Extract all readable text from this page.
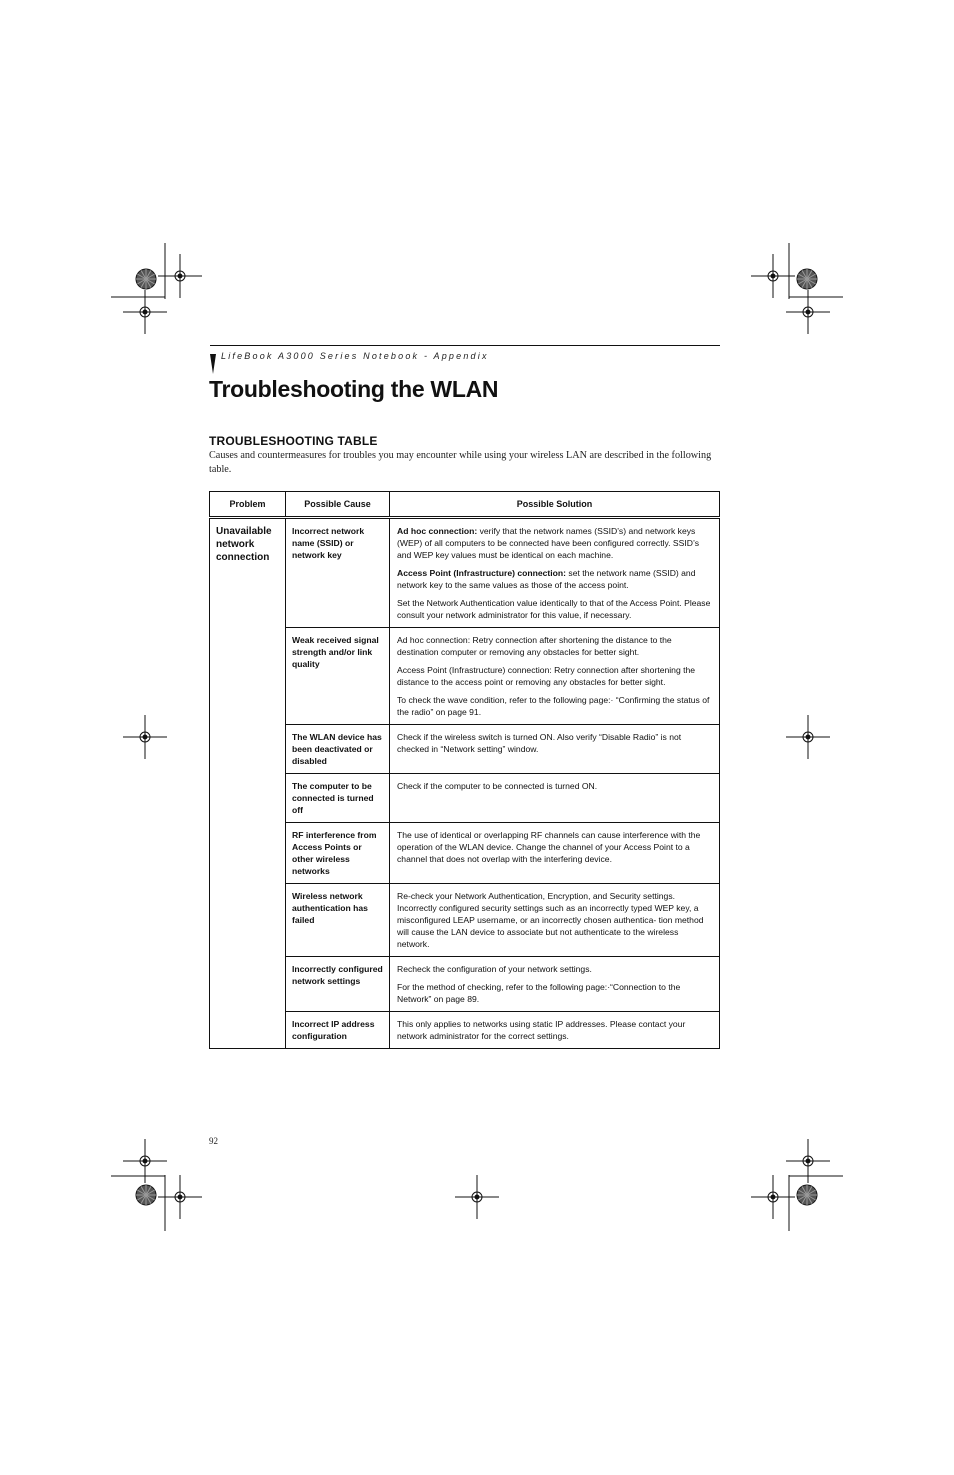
LifeBook A3000 Series Notebook - Appendix
Troubleshooting the WLAN
TROUBLESHOOTING TABLE

Causes and countermeasures for troubles you may encounter while using your wireless LAN are described in the following table.

Problem	Possible Cause	Possible Solution
Unavailable network connection	Incorrect network name (SSID) or network key	Ad hoc connection: verify that the network names (SSID’s) and network keys (WEP) of all computers to be connected have been configured correctly. SSID’s and WEP key values must be identical on each machine.

Access Point (Infrastructure) connection: set the network name (SSID) and network key to the same values as those of the access point.

Set the Network Authentication value identically to that of the Access Point. Please consult your network administrator for this value, if necessary.

	Weak received signal strength and/or link quality	Ad hoc connection: Retry connection after shortening the distance to the destination computer or removing any obstacles for better sight.

Access Point (Infrastructure) connection: Retry connection after shortening the distance to the access point or removing any obstacles for better sight.

To check the wave condition, refer to the following page:· “Confirming the status of the radio” on page 91.

	The WLAN device has been deactivated or disabled	Check if the wireless switch is turned ON. Also verify “Disable Radio” is not checked in “Network setting” window.

	The computer to be connected is turned off	Check if the computer to be connected is turned ON.

	RF interference from Access Points or other wireless networks	The use of identical or overlapping RF channels can cause interference with the operation of the WLAN device. Change the channel of your Access Point to a channel that does not overlap with the interfering device.

	Wireless network authentication has failed	Re-check your Network Authentication, Encryption, and Security settings. Incorrectly configured security settings such as an incorrectly typed WEP key, a misconfigured LEAP username, or an incorrectly chosen authentica- tion method will cause the LAN device to associate but not authenticate to the wireless network.

	Incorrectly configured network settings	Recheck the configuration of your network settings.

For the method of checking, refer to the following page:·“Connection to the Network” on page 89.

	Incorrect IP address configuration	This only applies to networks using static IP addresses. Please contact your network administrator for the correct settings.

92
